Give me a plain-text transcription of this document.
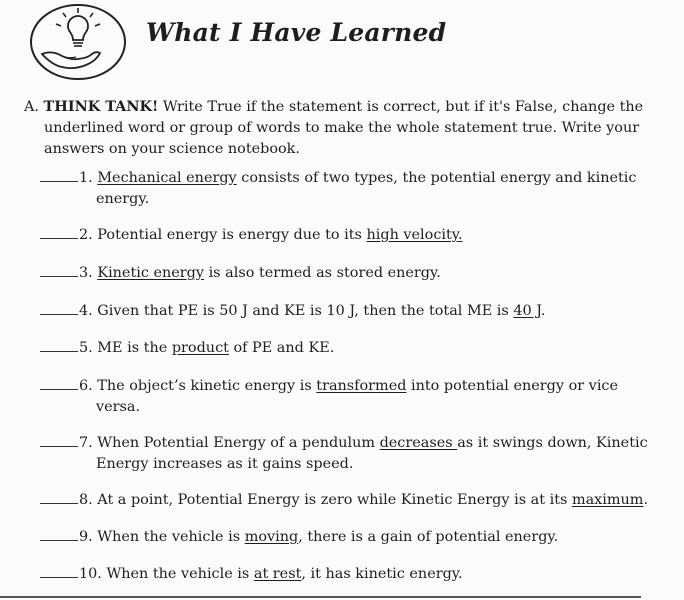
What I Have Learned
A. THINK TANK! Write True if the statement is correct, but if it's False, change the
underlined word or group of words to make the whole statement true. Write your
answers on your science notebook.
1. Mechanical energy consists of two types, the potential energy and kinetic
energy.
2. Potential energy is energy due to its high velocity.
3. Kinetic energy is also termed as stored energy.
4. Given that PE is 50 J and KE is 10 J, then the total ME is 40 J.
5. ME is the product of PE and KE.
6. The object’s kinetic energy is transformed into potential energy or vice
versa.
7. When Potential Energy of a pendulum decreases as it swings down, Kinetic
Energy increases as it gains speed.
8. At a point, Potential Energy is zero while Kinetic Energy is at its maximum.
9. When the vehicle is moving, there is a gain of potential energy.
10. When the vehicle is at rest, it has kinetic energy.
